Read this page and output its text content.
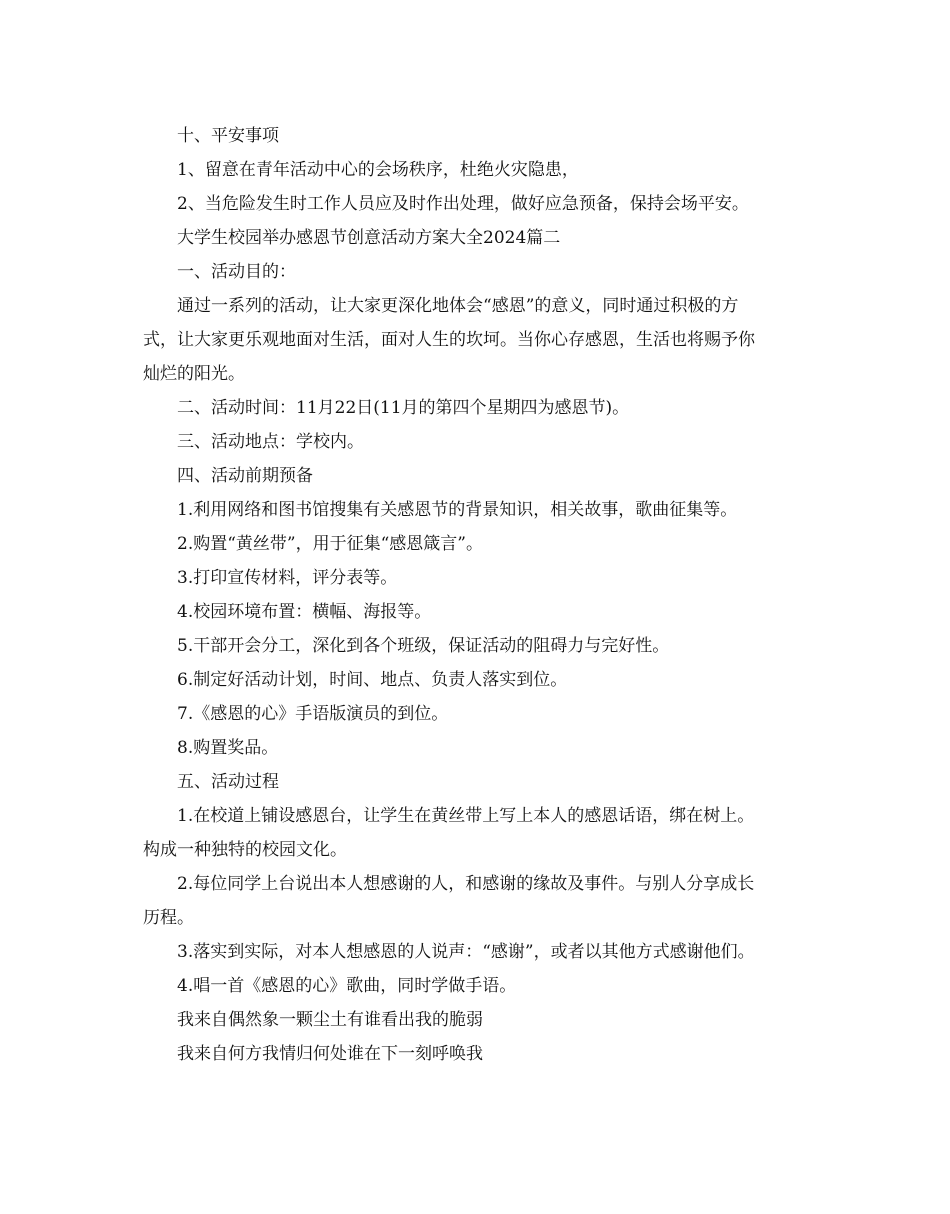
十、平安事项

1、留意在青年活动中心的会场秩序，杜绝火灾隐患，

2、当危险发生时工作人员应及时作出处理，做好应急预备，保持会场平安。

大学生校园举办感恩节创意活动方案大全2024篇二

一、活动目的：

通过一系列的活动，让大家更深化地体会“感恩”的意义，同时通过积极的方

式，让大家更乐观地面对生活，面对人生的坎坷。当你心存感恩，生活也将赐予你

灿烂的阳光。

二、活动时间：11月22日(11月的第四个星期四为感恩节)。

三、活动地点：学校内。

四、活动前期预备

1.利用网络和图书馆搜集有关感恩节的背景知识，相关故事，歌曲征集等。

2.购置“黄丝带”，用于征集“感恩箴言”。

3.打印宣传材料，评分表等。

4.校园环境布置：横幅、海报等。

5.干部开会分工，深化到各个班级，保证活动的阻碍力与完好性。

6.制定好活动计划，时间、地点、负责人落实到位。

7.《感恩的心》手语版演员的到位。

8.购置奖品。

五、活动过程

1.在校道上铺设感恩台，让学生在黄丝带上写上本人的感恩话语，绑在树上。

构成一种独特的校园文化。

2.每位同学上台说出本人想感谢的人，和感谢的缘故及事件。与别人分享成长

历程。

3.落实到实际，对本人想感恩的人说声：“感谢”，或者以其他方式感谢他们。

4.唱一首《感恩的心》歌曲，同时学做手语。

我来自偶然象一颗尘土有谁看出我的脆弱

我来自何方我情归何处谁在下一刻呼唤我
